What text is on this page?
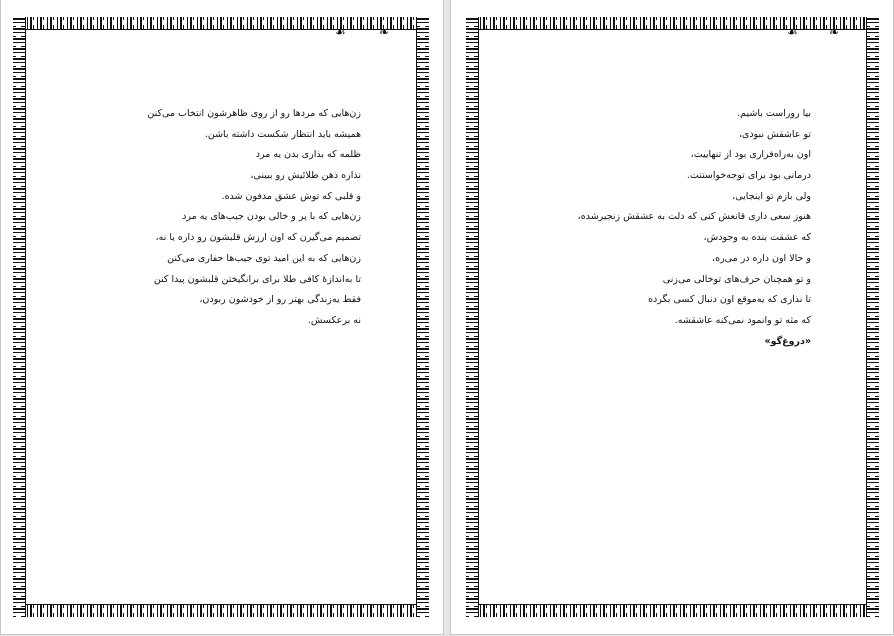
☙	❧
زن‌هایی که مردها رو از روی ظاهرشون انتخاب می‌کنن
همیشه باید انتظار شکست داشته باشن.
ظلمه که بذاری بدن یه مرد
نذاره ذهن طلائیش رو ببینی،
و قلبی که توش عشق مدفون شده.
زن‌هایی که با پر و خالی بودن جیب‌های یه مرد
تصمیم می‌گیرن که اون ارزش قلبشون رو داره یا نه،
زن‌هایی که به این امید توی جیب‌ها حفاری می‌کنن
تا به‌اندازهٔ کافی طلا برای برانگیختن قلبشون پیدا کنن
فقط یه‌زندگی بهتر رو از خودشون ربودن،
نه برعکسش.
☙	❧
بیا روراست باشیم.
تو عاشقش نبودی،
اون به‌راه‌فراری بود از تنهاییت،
درمانی بود برای توجه‌خواستنت.
ولی بازم تو اینجایی،
هنوز سعی داری قانعش کنی که دلت به عشقش زنجیرشده،
که عشقت بنده به وجودش،
و حالا اون داره در می‌ره،
و تو همچنان حرف‌های توخالی می‌زنی
تا نذاری که یه‌موقع اون دنبال کسی بگرده
که مثه تو وانمود نمی‌کنه عاشقشه.
«دروغ‌گو»
